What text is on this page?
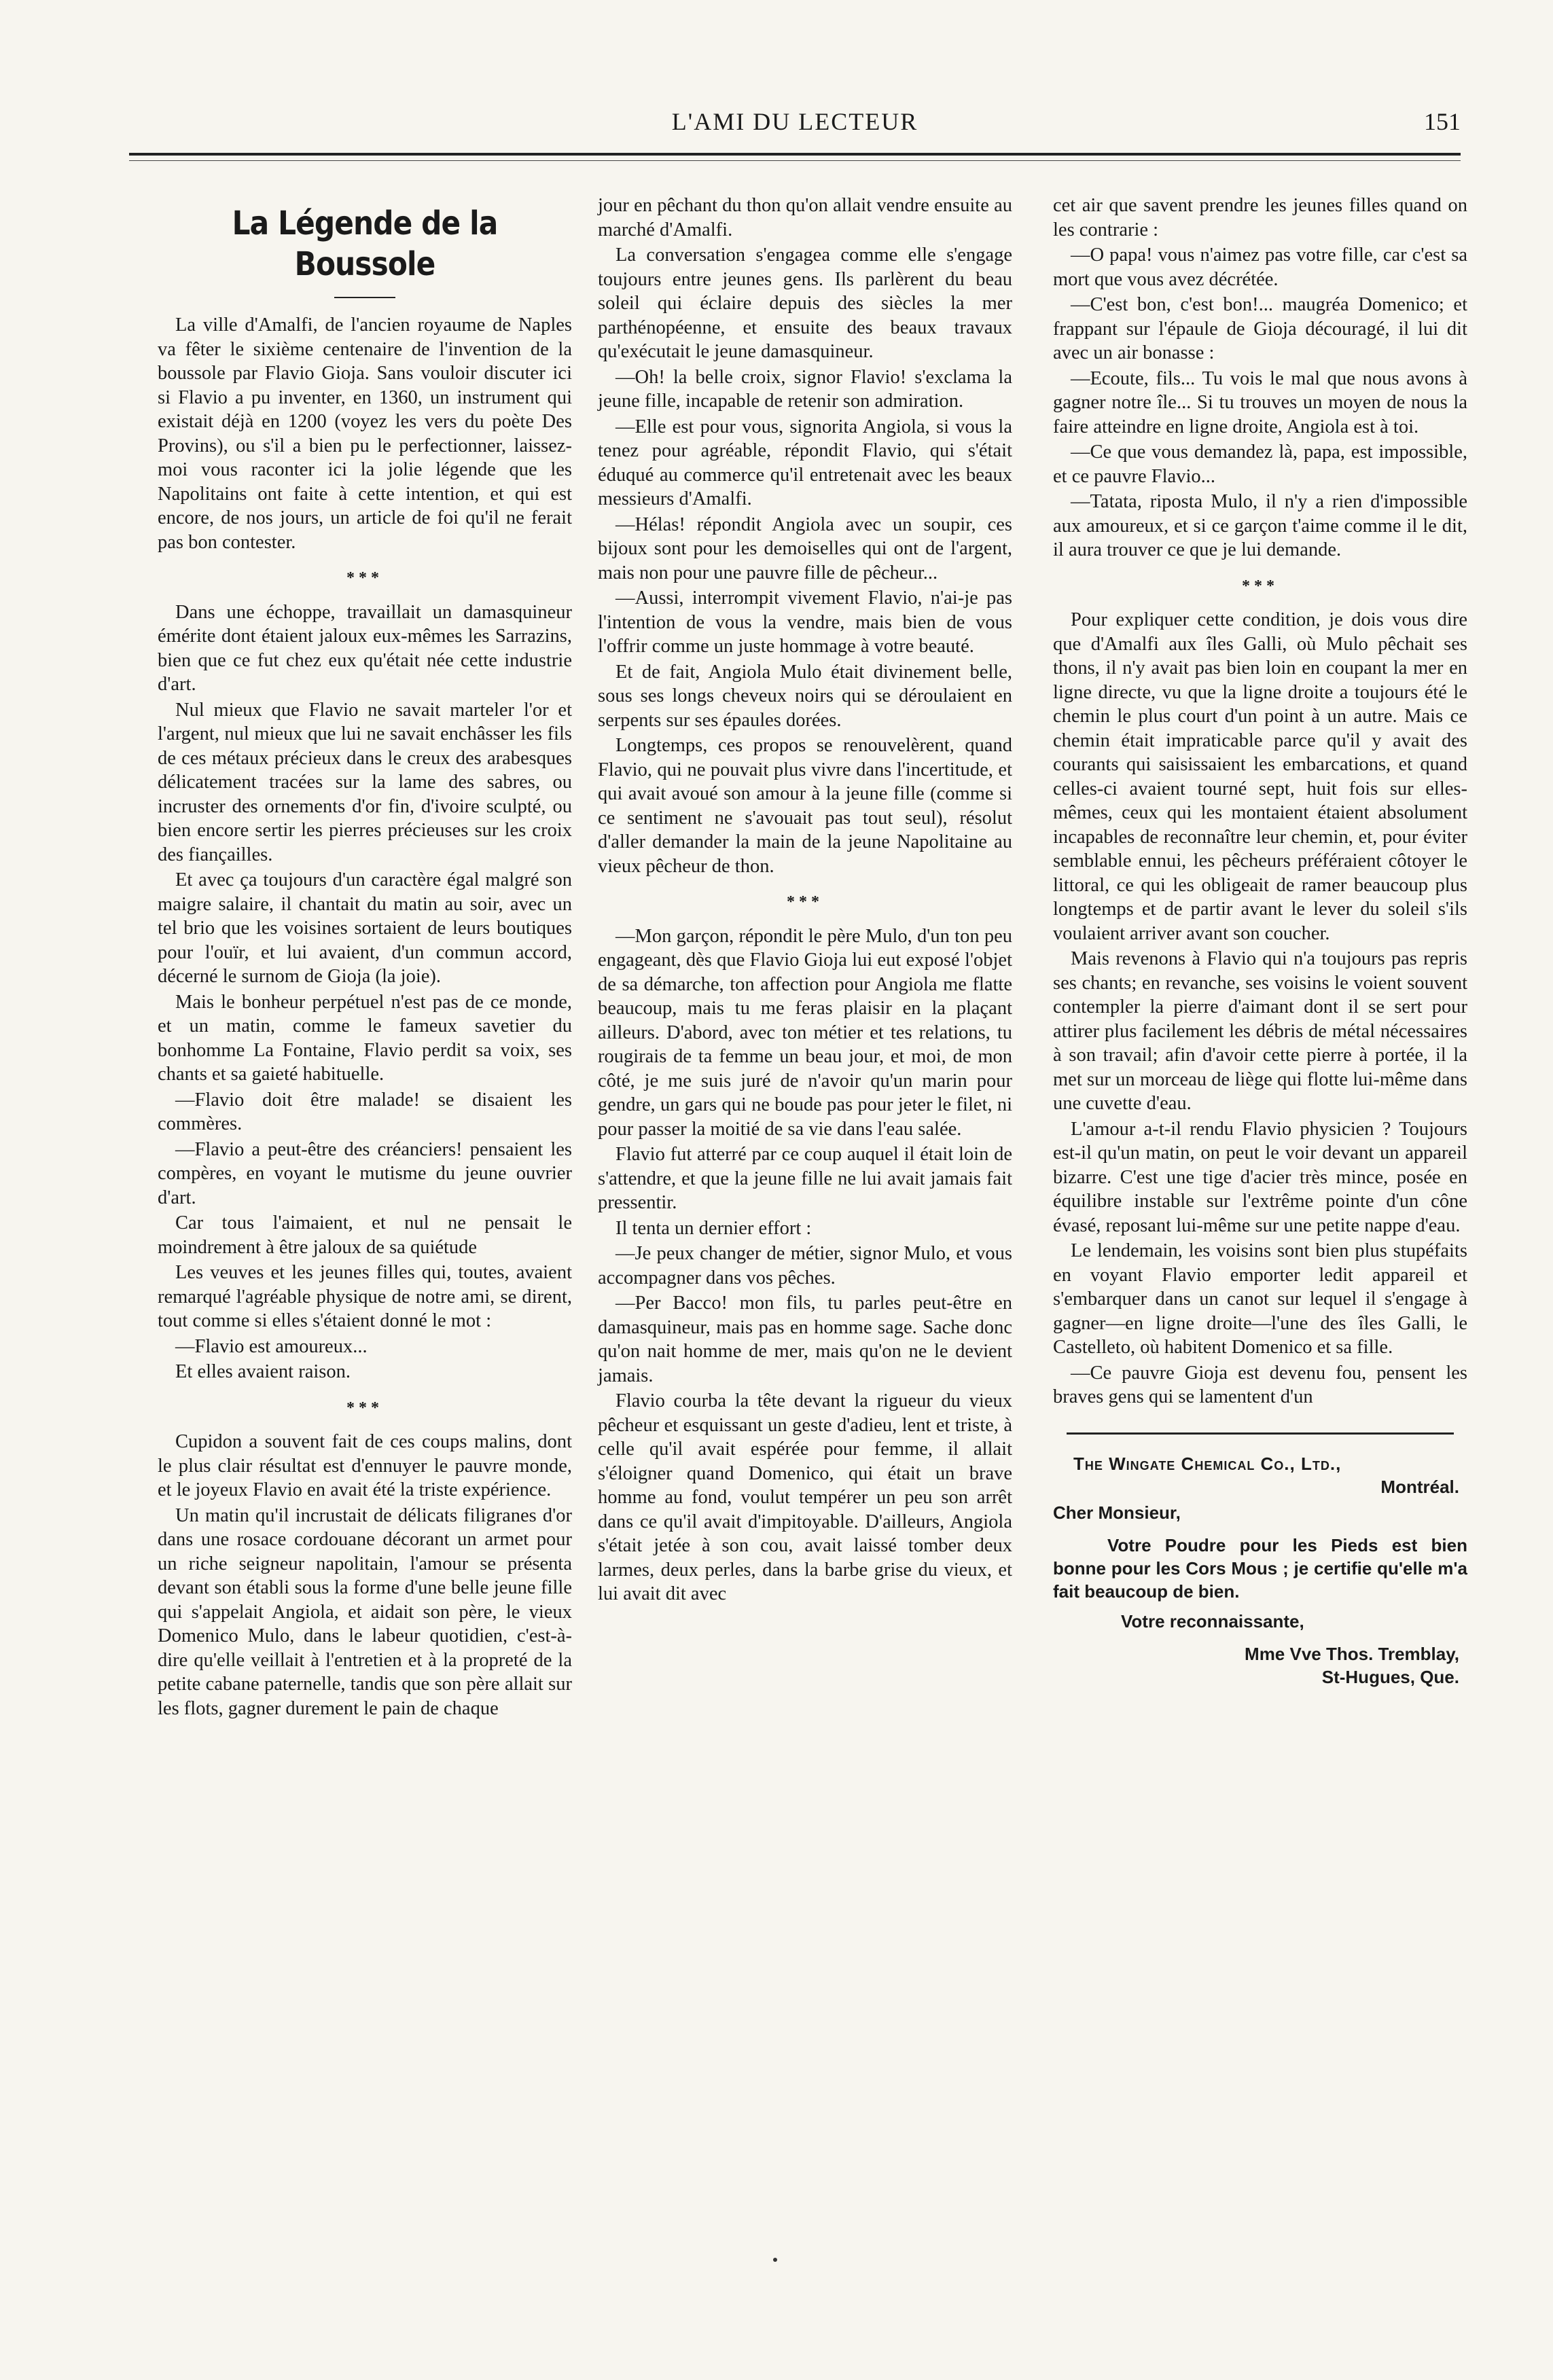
L'AMI DU LECTEUR	151
La Légende de la Boussole

La ville d'Amalfi, de l'ancien royaume de Naples va fêter le sixième centenaire de l'invention de la boussole par Flavio Gioja. Sans vouloir discuter ici si Flavio a pu inventer, en 1360, un instrument qui existait déjà en 1200 (voyez les vers du poète Des Provins), ou s'il a bien pu le perfectionner, laissez-moi vous raconter ici la jolie légende que les Napolitains ont faite à cette intention, et qui est encore, de nos jours, un article de foi qu'il ne ferait pas bon contester.

***

Dans une échoppe, travaillait un damasquineur émérite dont étaient jaloux eux-mêmes les Sarrazins, bien que ce fut chez eux qu'était née cette industrie d'art.

Nul mieux que Flavio ne savait marteler l'or et l'argent, nul mieux que lui ne savait enchâsser les fils de ces métaux précieux dans le creux des arabesques délicatement tracées sur la lame des sabres, ou incruster des ornements d'or fin, d'ivoire sculpté, ou bien encore sertir les pierres précieuses sur les croix des fiançailles.

Et avec ça toujours d'un caractère égal malgré son maigre salaire, il chantait du matin au soir, avec un tel brio que les voisines sortaient de leurs boutiques pour l'ouïr, et lui avaient, d'un commun accord, décerné le surnom de Gioja (la joie).

Mais le bonheur perpétuel n'est pas de ce monde, et un matin, comme le fameux savetier du bonhomme La Fontaine, Flavio perdit sa voix, ses chants et sa gaieté habituelle.

—Flavio doit être malade! se disaient les commères.

—Flavio a peut-être des créanciers! pensaient les compères, en voyant le mutisme du jeune ouvrier d'art.

Car tous l'aimaient, et nul ne pensait le moindrement à être jaloux de sa quiétude

Les veuves et les jeunes filles qui, toutes, avaient remarqué l'agréable physique de notre ami, se dirent, tout comme si elles s'étaient donné le mot :

—Flavio est amoureux...

Et elles avaient raison.

***

Cupidon a souvent fait de ces coups malins, dont le plus clair résultat est d'ennuyer le pauvre monde, et le joyeux Flavio en avait été la triste expérience.

Un matin qu'il incrustait de délicats filigranes d'or dans une rosace cordouane décorant un armet pour un riche seigneur napolitain, l'amour se présenta devant son établi sous la forme d'une belle jeune fille qui s'appelait Angiola, et aidait son père, le vieux Domenico Mulo, dans le labeur quotidien, c'est-à-dire qu'elle veillait à l'entretien et à la propreté de la petite cabane paternelle, tandis que son père allait sur les flots, gagner durement le pain de chaque

jour en pêchant du thon qu'on allait vendre ensuite au marché d'Amalfi.

La conversation s'engagea comme elle s'engage toujours entre jeunes gens. Ils parlèrent du beau soleil qui éclaire depuis des siècles la mer parthénopéenne, et ensuite des beaux travaux qu'exécutait le jeune damasquineur.

—Oh! la belle croix, signor Flavio! s'exclama la jeune fille, incapable de retenir son admiration.

—Elle est pour vous, signorita Angiola, si vous la tenez pour agréable, répondit Flavio, qui s'était éduqué au commerce qu'il entretenait avec les beaux messieurs d'Amalfi.

—Hélas! répondit Angiola avec un soupir, ces bijoux sont pour les demoiselles qui ont de l'argent, mais non pour une pauvre fille de pêcheur...

—Aussi, interrompit vivement Flavio, n'ai-je pas l'intention de vous la vendre, mais bien de vous l'offrir comme un juste hommage à votre beauté.

Et de fait, Angiola Mulo était divinement belle, sous ses longs cheveux noirs qui se déroulaient en serpents sur ses épaules dorées.

Longtemps, ces propos se renouvelèrent, quand Flavio, qui ne pouvait plus vivre dans l'incertitude, et qui avait avoué son amour à la jeune fille (comme si ce sentiment ne s'avouait pas tout seul), résolut d'aller demander la main de la jeune Napolitaine au vieux pêcheur de thon.

***

—Mon garçon, répondit le père Mulo, d'un ton peu engageant, dès que Flavio Gioja lui eut exposé l'objet de sa démarche, ton affection pour Angiola me flatte beaucoup, mais tu me feras plaisir en la plaçant ailleurs. D'abord, avec ton métier et tes relations, tu rougirais de ta femme un beau jour, et moi, de mon côté, je me suis juré de n'avoir qu'un marin pour gendre, un gars qui ne boude pas pour jeter le filet, ni pour passer la moitié de sa vie dans l'eau salée.

Flavio fut atterré par ce coup auquel il était loin de s'attendre, et que la jeune fille ne lui avait jamais fait pressentir.

Il tenta un dernier effort :

—Je peux changer de métier, signor Mulo, et vous accompagner dans vos pêches.

—Per Bacco! mon fils, tu parles peut-être en damasquineur, mais pas en homme sage. Sache donc qu'on nait homme de mer, mais qu'on ne le devient jamais.

Flavio courba la tête devant la rigueur du vieux pêcheur et esquissant un geste d'adieu, lent et triste, à celle qu'il avait espérée pour femme, il allait s'éloigner quand Domenico, qui était un brave homme au fond, voulut tempérer un peu son arrêt dans ce qu'il avait d'impitoyable. D'ailleurs, Angiola s'était jetée à son cou, avait laissé tomber deux larmes, deux perles, dans la barbe grise du vieux, et lui avait dit avec

cet air que savent prendre les jeunes filles quand on les contrarie :

—O papa! vous n'aimez pas votre fille, car c'est sa mort que vous avez décrétée.

—C'est bon, c'est bon!... maugréa Domenico; et frappant sur l'épaule de Gioja découragé, il lui dit avec un air bonasse :

—Ecoute, fils... Tu vois le mal que nous avons à gagner notre île... Si tu trouves un moyen de nous la faire atteindre en ligne droite, Angiola est à toi.

—Ce que vous demandez là, papa, est impossible, et ce pauvre Flavio...

—Tatata, riposta Mulo, il n'y a rien d'impossible aux amoureux, et si ce garçon t'aime comme il le dit, il aura trouver ce que je lui demande.

***

Pour expliquer cette condition, je dois vous dire que d'Amalfi aux îles Galli, où Mulo pêchait ses thons, il n'y avait pas bien loin en coupant la mer en ligne directe, vu que la ligne droite a toujours été le chemin le plus court d'un point à un autre. Mais ce chemin était impraticable parce qu'il y avait des courants qui saisissaient les embarcations, et quand celles-ci avaient tourné sept, huit fois sur elles-mêmes, ceux qui les montaient étaient absolument incapables de reconnaître leur chemin, et, pour éviter semblable ennui, les pêcheurs préféraient côtoyer le littoral, ce qui les obligeait de ramer beaucoup plus longtemps et de partir avant le lever du soleil s'ils voulaient arriver avant son coucher.

Mais revenons à Flavio qui n'a toujours pas repris ses chants; en revanche, ses voisins le voient souvent contempler la pierre d'aimant dont il se sert pour attirer plus facilement les débris de métal nécessaires à son travail; afin d'avoir cette pierre à portée, il la met sur un morceau de liège qui flotte lui-même dans une cuvette d'eau.

L'amour a-t-il rendu Flavio physicien ? Toujours est-il qu'un matin, on peut le voir devant un appareil bizarre. C'est une tige d'acier très mince, posée en équilibre instable sur l'extrême pointe d'un cône évasé, reposant lui-même sur une petite nappe d'eau.

Le lendemain, les voisins sont bien plus stupéfaits en voyant Flavio emporter ledit appareil et s'embarquer dans un canot sur lequel il s'engage à gagner—en ligne droite—l'une des îles Galli, le Castelleto, où habitent Domenico et sa fille.

—Ce pauvre Gioja est devenu fou, pensent les braves gens qui se lamentent d'un

The Wingate Chemical Co., Ltd.,
Montréal.
Cher Monsieur,
Votre Poudre pour les Pieds est bien bonne pour les Cors Mous ; je certifie qu'elle m'a fait beaucoup de bien.
Votre reconnaissante,
Mme Vve Thos. Tremblay,
St-Hugues, Que.
